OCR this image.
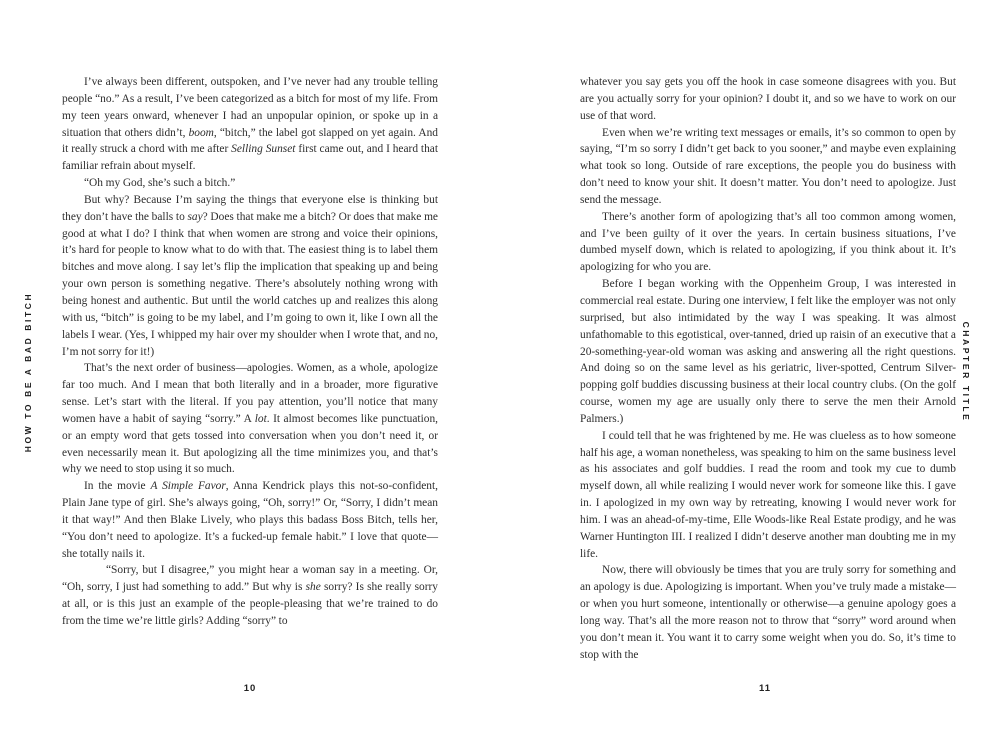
HOW TO BE A BAD BITCH	CHAPTER TITLE

I’ve always been different, outspoken, and I’ve never had any trouble telling people “no.” As a result, I’ve been categorized as a bitch for most of my life. From my teen years onward, whenever I had an unpopular opinion, or spoke up in a situation that others didn’t, boom, “bitch,” the label got slapped on yet again. And it really struck a chord with me after Selling Sunset first came out, and I heard that familiar refrain about myself.

“Oh my God, she’s such a bitch.”

But why? Because I’m saying the things that everyone else is thinking but they don’t have the balls to say? Does that make me a bitch? Or does that make me good at what I do? I think that when women are strong and voice their opinions, it’s hard for people to know what to do with that. The easiest thing is to label them bitches and move along. I say let’s flip the implication that speaking up and being your own person is something negative. There’s absolutely nothing wrong with being honest and authentic. But until the world catches up and realizes this along with us, “bitch” is going to be my label, and I’m going to own it, like I own all the labels I wear. (Yes, I whipped my hair over my shoulder when I wrote that, and no, I’m not sorry for it!)

That’s the next order of business—apologies. Women, as a whole, apologize far too much. And I mean that both literally and in a broader, more figurative sense. Let’s start with the literal. If you pay attention, you’ll notice that many women have a habit of saying “sorry.” A lot. It almost becomes like punctuation, or an empty word that gets tossed into conversation when you don’t need it, or even necessarily mean it. But apologizing all the time minimizes you, and that’s why we need to stop using it so much.

In the movie A Simple Favor, Anna Kendrick plays this not-so-confident, Plain Jane type of girl. She’s always going, “Oh, sorry!” Or, “Sorry, I didn’t mean it that way!” And then Blake Lively, who plays this badass Boss Bitch, tells her, “You don’t need to apologize. It’s a fucked-up female habit.” I love that quote—she totally nails it.

“Sorry, but I disagree,” you might hear a woman say in a meeting. Or, “Oh, sorry, I just had something to add.” But why is she sorry? Is she really sorry at all, or is this just an example of the people-pleasing that we’re trained to do from the time we’re little girls? Adding “sorry” to

whatever you say gets you off the hook in case someone disagrees with you. But are you actually sorry for your opinion? I doubt it, and so we have to work on our use of that word.

Even when we’re writing text messages or emails, it’s so common to open by saying, “I’m so sorry I didn’t get back to you sooner,” and maybe even explaining what took so long. Outside of rare exceptions, the people you do business with don’t need to know your shit. It doesn’t matter. You don’t need to apologize. Just send the message.

There’s another form of apologizing that’s all too common among women, and I’ve been guilty of it over the years. In certain business situations, I’ve dumbed myself down, which is related to apologizing, if you think about it. It’s apologizing for who you are.

Before I began working with the Oppenheim Group, I was interested in commercial real estate. During one interview, I felt like the employer was not only surprised, but also intimidated by the way I was speaking. It was almost unfathomable to this egotistical, over-tanned, dried up raisin of an executive that a 20-something-year-old woman was asking and answering all the right questions. And doing so on the same level as his geriatric, liver-spotted, Centrum Silver-popping golf buddies discussing business at their local country clubs. (On the golf course, women my age are usually only there to serve the men their Arnold Palmers.)

I could tell that he was frightened by me. He was clueless as to how someone half his age, a woman nonetheless, was speaking to him on the same business level as his associates and golf buddies. I read the room and took my cue to dumb myself down, all while realizing I would never work for someone like this. I gave in. I apologized in my own way by retreating, knowing I would never work for him. I was an ahead-of-my-time, Elle Woods-like Real Estate prodigy, and he was Warner Huntington III. I realized I didn’t deserve another man doubting me in my life.

Now, there will obviously be times that you are truly sorry for something and an apology is due. Apologizing is important. When you’ve truly made a mistake—or when you hurt someone, intentionally or otherwise—a genuine apology goes a long way. That’s all the more reason not to throw that “sorry” word around when you don’t mean it. You want it to carry some weight when you do. So, it’s time to stop with the

10	11
